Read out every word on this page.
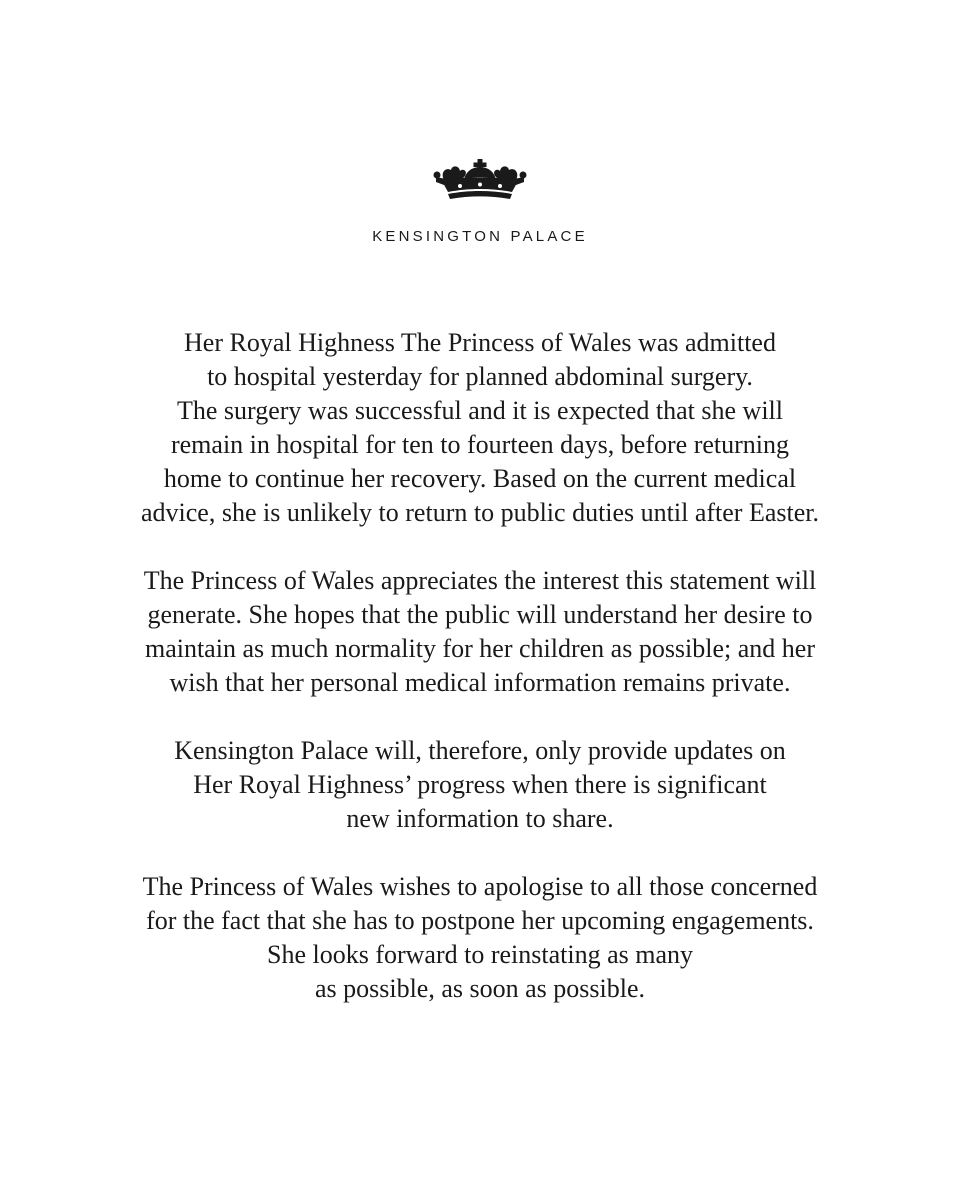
KENSINGTON PALACE

Her Royal Highness The Princess of Wales was admitted
to hospital yesterday for planned abdominal surgery.
The surgery was successful and it is expected that she will
remain in hospital for ten to fourteen days, before returning
home to continue her recovery. Based on the current medical
advice, she is unlikely to return to public duties until after Easter.

The Princess of Wales appreciates the interest this statement will
generate. She hopes that the public will understand her desire to
maintain as much normality for her children as possible; and her
wish that her personal medical information remains private.

Kensington Palace will, therefore, only provide updates on
Her Royal Highness’ progress when there is significant
new information to share.

The Princess of Wales wishes to apologise to all those concerned
for the fact that she has to postpone her upcoming engagements.
She looks forward to reinstating as many
as possible, as soon as possible.
